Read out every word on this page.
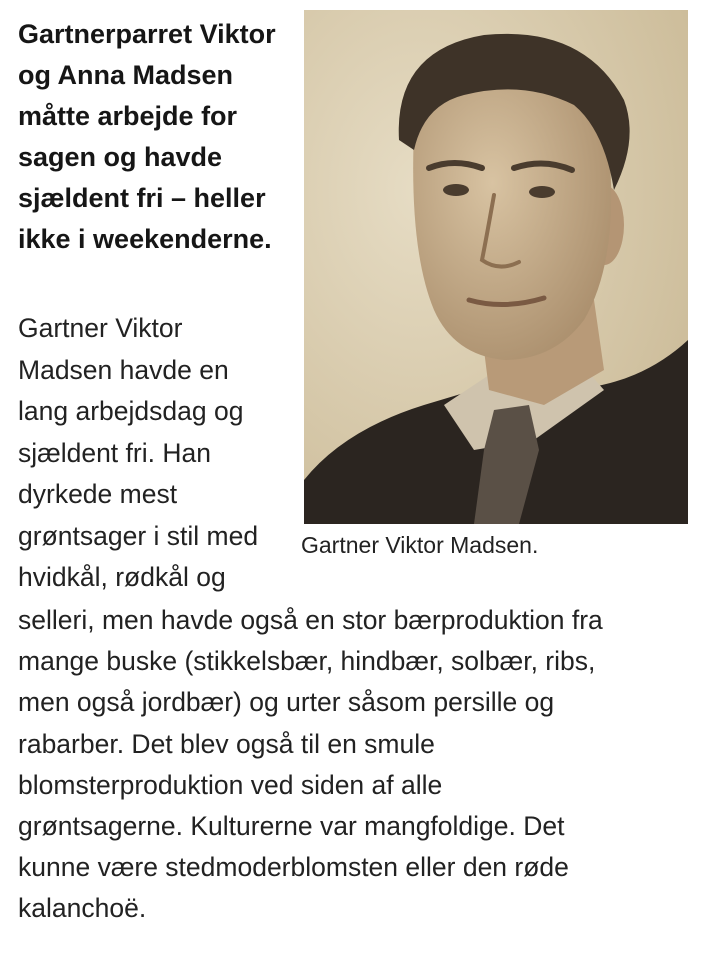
Gartnerparret Viktor
og Anna Madsen
måtte arbejde for
sagen og havde
sjældent fri – heller
ikke i weekenderne.
Gartner Viktor Madsen.
Gartner Viktor
Madsen havde en
lang arbejdsdag og
sjældent fri. Han
dyrkede mest
grøntsager i stil med
hvidkål, rødkål og
selleri, men havde også en stor bærproduktion fra
mange buske (stikkelsbær, hindbær, solbær, ribs,
men også jordbær) og urter såsom persille og
rabarber. Det blev også til en smule
blomsterproduktion ved siden af alle
grøntsagerne. Kulturerne var mangfoldige. Det
kunne være stedmoderblomsten eller den røde
kalanchoë.
